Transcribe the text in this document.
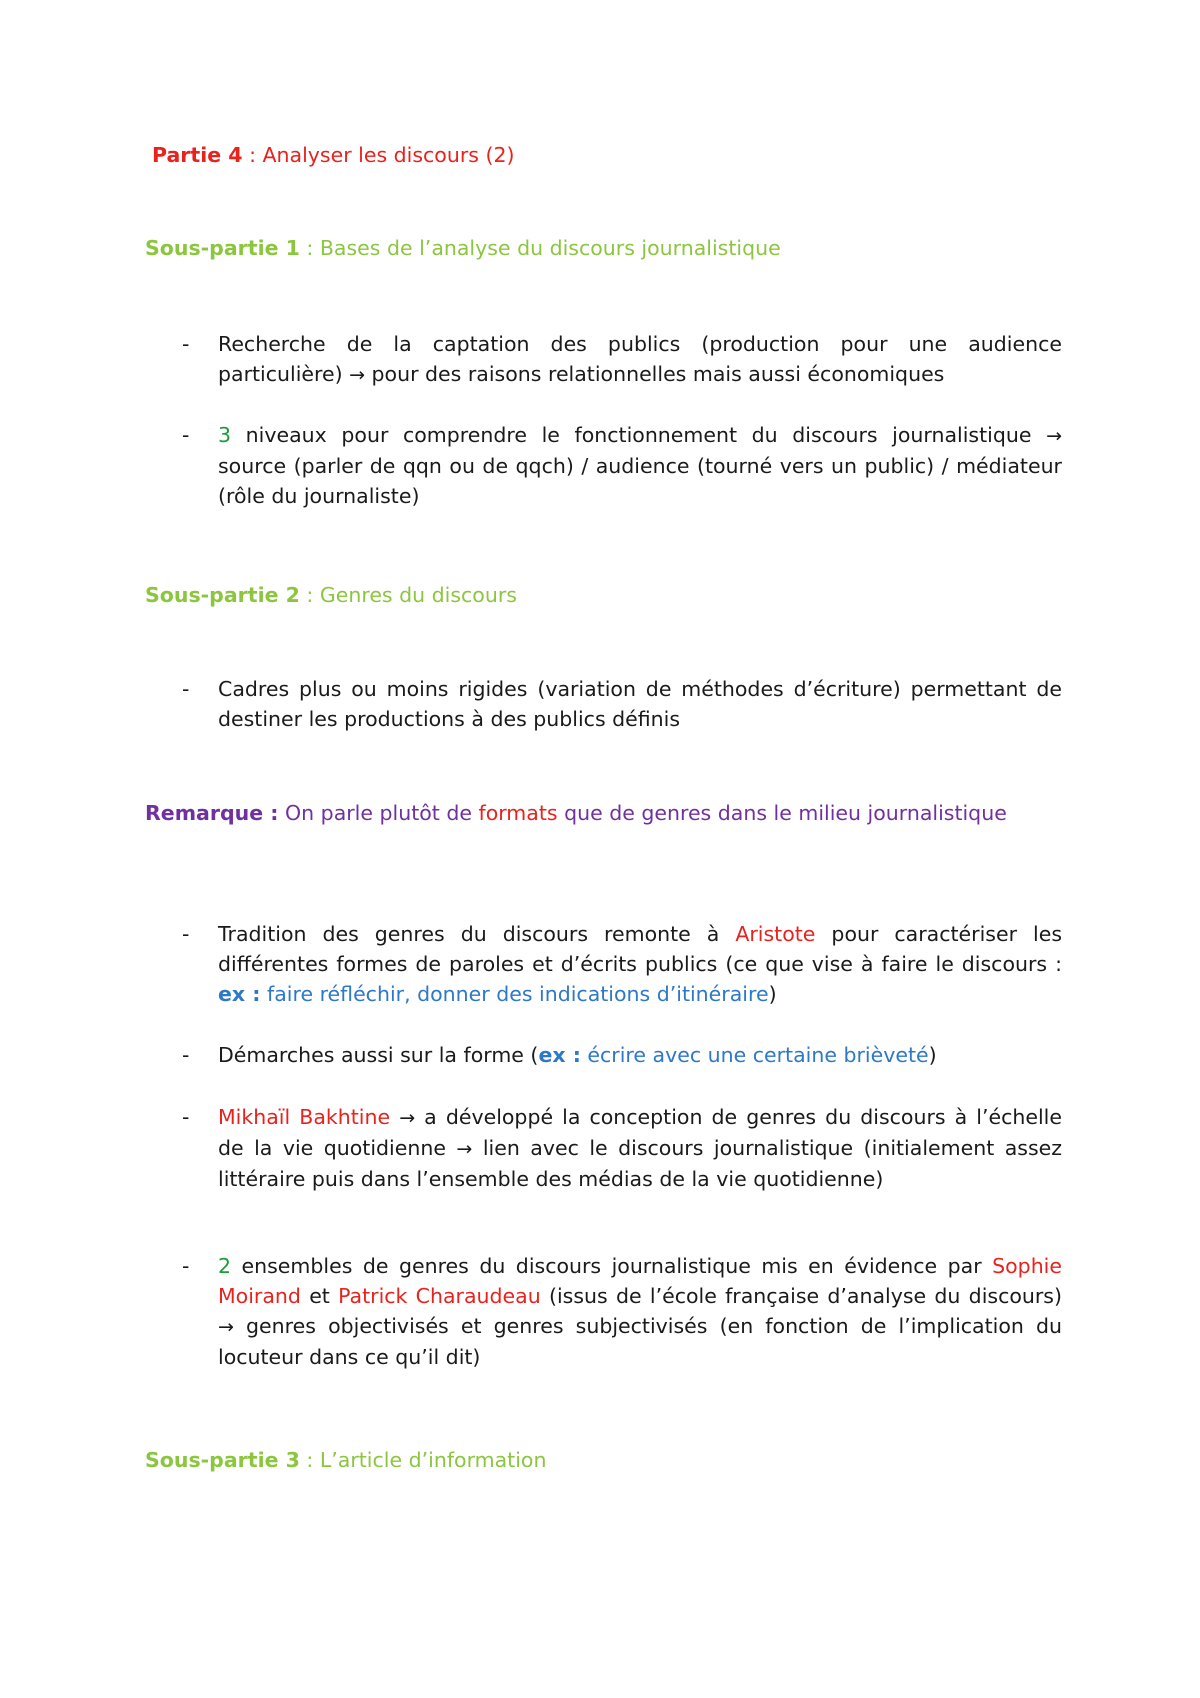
Partie 4 : Analyser les discours (2)
Sous-partie 1 : Bases de l’analyse du discours journalistique
- Recherche de la captation des publics (production pour une audience particulière) → pour des raisons relationnelles mais aussi économiques
- 3 niveaux pour comprendre le fonctionnement du discours journalistique → source (parler de qqn ou de qqch) / audience (tourné vers un public) / médiateur (rôle du journaliste)
Sous-partie 2 : Genres du discours
- Cadres plus ou moins rigides (variation de méthodes d’écriture) permettant de destiner les productions à des publics définis
Remarque : On parle plutôt de formats que de genres dans le milieu journalistique
- Tradition des genres du discours remonte à Aristote pour caractériser les différentes formes de paroles et d’écrits publics (ce que vise à faire le discours : ex : faire réfléchir, donner des indications d’itinéraire)
- Démarches aussi sur la forme (ex : écrire avec une certaine brièveté)
- Mikhaïl Bakhtine → a développé la conception de genres du discours à l’échelle de la vie quotidienne → lien avec le discours journalistique (initialement assez littéraire puis dans l’ensemble des médias de la vie quotidienne)
- 2 ensembles de genres du discours journalistique mis en évidence par Sophie Moirand et Patrick Charaudeau (issus de l’école française d’analyse du discours) → genres objectivisés et genres subjectivisés (en fonction de l’implication du locuteur dans ce qu’il dit)
Sous-partie 3 : L’article d’information
